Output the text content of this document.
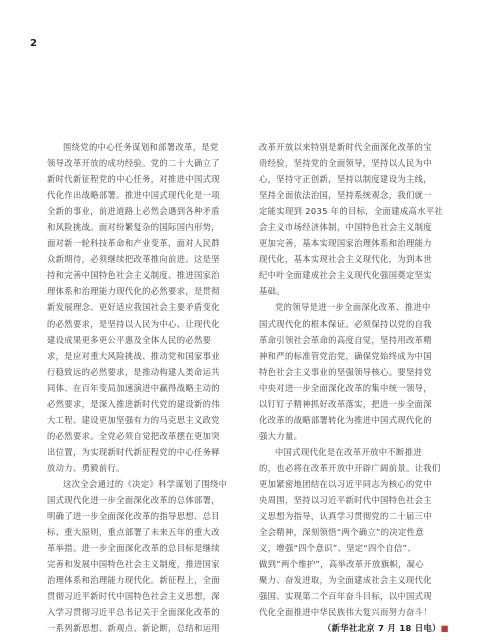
2
围绕党的中心任务谋划和部署改革，是党
领导改革开放的成功经验。党的二十大确立了
新时代新征程党的中心任务，对推进中国式现
代化作出战略部署。推进中国式现代化是一项
全新的事业，前进道路上必然会遇到各种矛盾
和风险挑战。面对纷繁复杂的国际国内形势，
面对新一轮科技革命和产业变革，面对人民群
众新期待，必须继续把改革推向前进。这是坚
持和完善中国特色社会主义制度、推进国家治
理体系和治理能力现代化的必然要求，是贯彻
新发展理念、更好适应我国社会主要矛盾变化
的必然要求，是坚持以人民为中心、让现代化
建设成果更多更公平惠及全体人民的必然要
求，是应对重大风险挑战、推动党和国家事业
行稳致远的必然要求，是推动构建人类命运共
同体、在百年变局加速演进中赢得战略主动的
必然要求，是深入推进新时代党的建设新的伟
大工程、建设更加坚强有力的马克思主义政党
的必然要求。全党必须自觉把改革摆在更加突
出位置，为实现新时代新征程党的中心任务释
放动力、勇毅前行。
这次全会通过的《决定》科学谋划了围绕中
国式现代化进一步全面深化改革的总体部署，
明确了进一步全面深化改革的指导思想、总目
标、重大原则，重点部署了未来五年的重大改
革举措。进一步全面深化改革的总目标是继续
完善和发展中国特色社会主义制度，推进国家
治理体系和治理能力现代化。新征程上，全面
贯彻习近平新时代中国特色社会主义思想，深
入学习贯彻习近平总书记关于全面深化改革的
一系列新思想、新观点、新论断，总结和运用
改革开放以来特别是新时代全面深化改革的宝
贵经验，坚持党的全面领导，坚持以人民为中
心，坚持守正创新，坚持以制度建设为主线，
坚持全面依法治国，坚持系统观念，我们就一
定能实现到 2035 年的目标，全面建成高水平社
会主义市场经济体制，中国特色社会主义制度
更加完善，基本实现国家治理体系和治理能力
现代化，基本实现社会主义现代化，为到本世
纪中叶全面建成社会主义现代化强国奠定坚实
基础。
党的领导是进一步全面深化改革、推进中
国式现代化的根本保证。必须保持以党的自我
革命引领社会革命的高度自觉，坚持用改革精
神和严的标准管党治党，确保党始终成为中国
特色社会主义事业的坚强领导核心。要坚持党
中央对进一步全面深化改革的集中统一领导，
以钉钉子精神抓好改革落实，把进一步全面深
化改革的战略部署转化为推进中国式现代化的
强大力量。
中国式现代化是在改革开放中不断推进
的，也必将在改革开放中开辟广阔前景。让我们
更加紧密地团结在以习近平同志为核心的党中
央周围，坚持以习近平新时代中国特色社会主
义思想为指导，认真学习贯彻党的二十届三中
全会精神，深刻领悟“两个确立”的决定性意
义，增强“四个意识”、坚定“四个自信”、
做到“两个维护”，高举改革开放旗帜，凝心
聚力、奋发进取，为全面建成社会主义现代化
强国、实现第二个百年奋斗目标，以中国式现
代化全面推进中华民族伟大复兴而努力奋斗！
（新华社北京 7 月 18 日电）■
